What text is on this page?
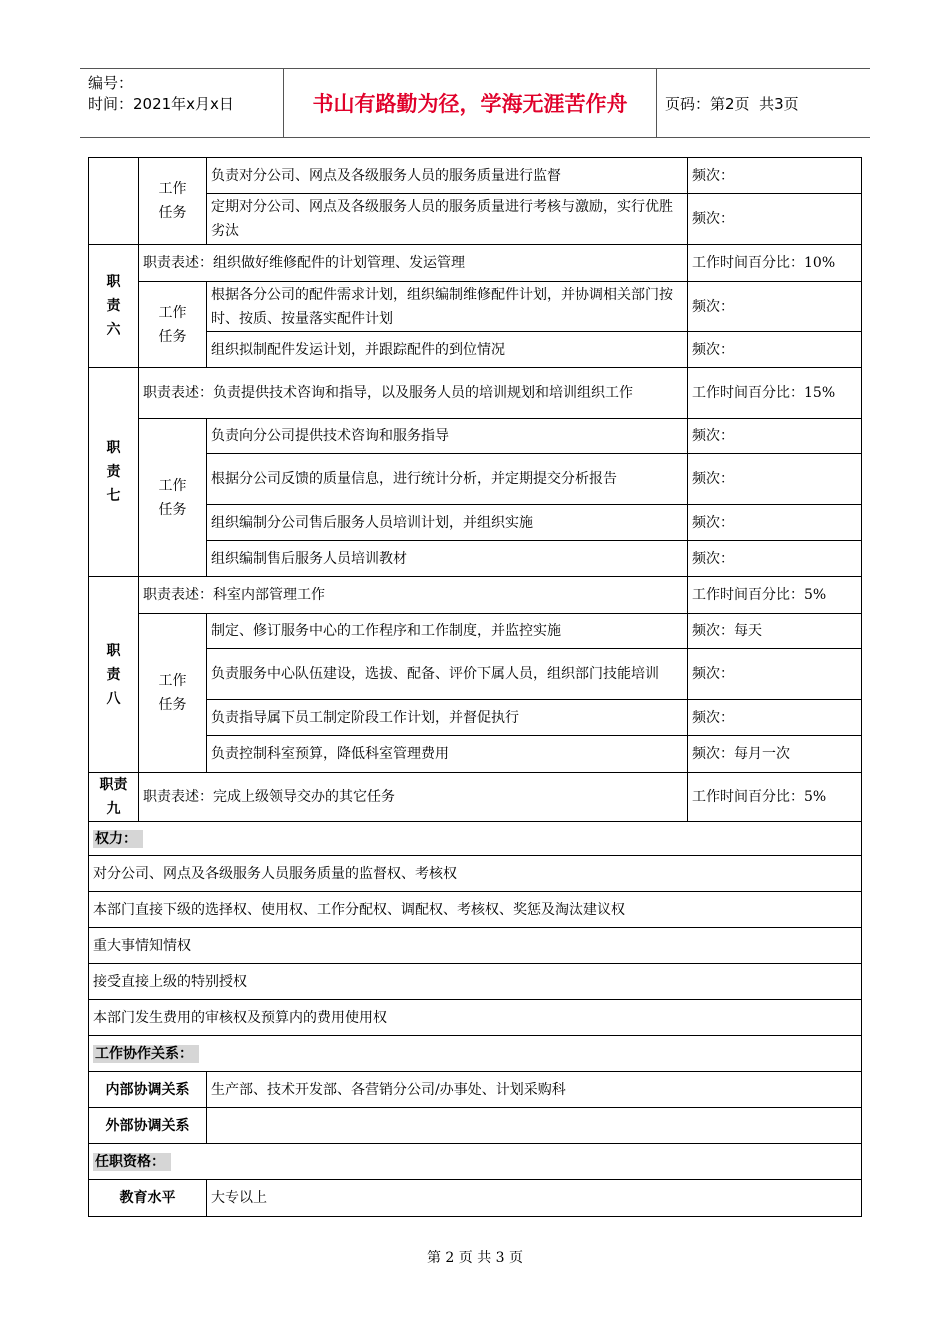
编号：
时间：2021年x月x日	书山有路勤为径，学海无涯苦作舟	页码：第2页  共3页

	工作任务	负责对分公司、网点及各级服务人员的服务质量进行监督	频次：
		定期对分公司、网点及各级服务人员的服务质量进行考核与激励，实行优胜劣汰	频次：

职责六	职责表述：组织做好维修配件的计划管理、发运管理		工作时间百分比：10%

	工作任务	根据各分公司的配件需求计划，组织编制维修配件计划，并协调相关部门按时、按质、按量落实配件计划	频次：
		组织拟制配件发运计划，并跟踪配件的到位情况	频次：

职责七	职责表述：负责提供技术咨询和指导，以及服务人员的培训规划和培训组织工作		工作时间百分比：15%

	工作任务	负责向分公司提供技术咨询和服务指导	频次：
		根据分公司反馈的质量信息，进行统计分析，并定期提交分析报告	频次：
		组织编制分公司售后服务人员培训计划，并组织实施	频次：
		组织编制售后服务人员培训教材	频次：

职责八	职责表述：科室内部管理工作		工作时间百分比：5%

	工作任务	制定、修订服务中心的工作程序和工作制度，并监控实施	频次：每天
		负责服务中心队伍建设，选拔、配备、评价下属人员，组织部门技能培训	频次：
		负责指导属下员工制定阶段工作计划，并督促执行	频次：
		负责控制科室预算，降低科室管理费用	频次：每月一次

职责九	职责表述：完成上级领导交办的其它任务		工作时间百分比：5%
权力：			
对分公司、网点及各级服务人员服务质量的监督权、考核权			
本部门直接下级的选择权、使用权、工作分配权、调配权、考核权、奖惩及淘汰建议权			
重大事情知情权			
接受直接上级的特别授权			
本部门发生费用的审核权及预算内的费用使用权			
工作协作关系：			
内部协调关系		生产部、技术开发部、各营销分公司/办事处、计划采购科	
外部协调关系			
任职资格：			
教育水平		大专以上	
第 2 页 共 3 页
